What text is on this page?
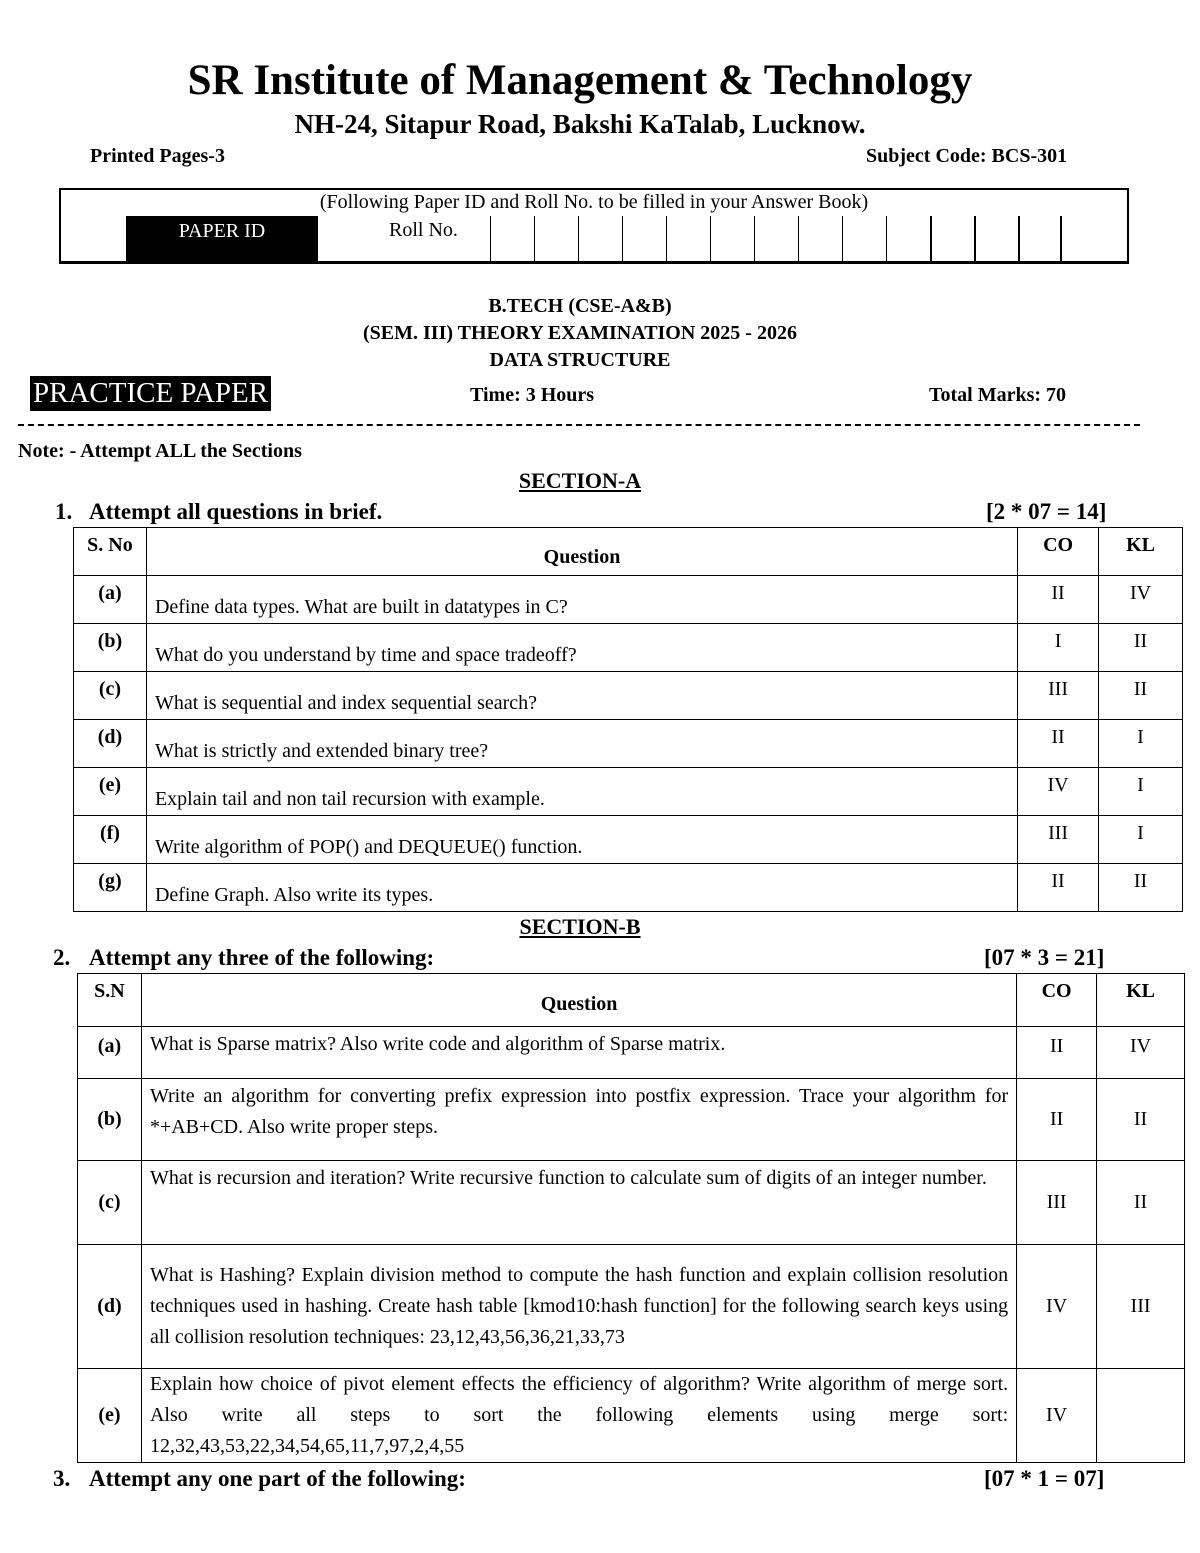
SR Institute of Management & Technology
NH-24, Sitapur Road, Bakshi KaTalab, Lucknow.
Printed Pages-3	Subject Code: BCS-301
(Following Paper ID and Roll No. to be filled in your Answer Book)
PAPER ID	Roll No.
B.TECH (CSE-A&B)
(SEM. III) THEORY EXAMINATION 2025 - 2026
DATA STRUCTURE
PRACTICE PAPER	Time: 3 Hours	Total Marks: 70
Note: - Attempt ALL the Sections
SECTION-A
1. Attempt all questions in brief.	[2 * 07 = 14]
S. No	Question	CO	KL
(a)	Define data types. What are built in datatypes in C?	II	IV
(b)	What do you understand by time and space tradeoff?	I	II
(c)	What is sequential and index sequential search?	III	II
(d)	What is strictly and extended binary tree?	II	I
(e)	Explain tail and non tail recursion with example.	IV	I
(f)	Write algorithm of POP() and DEQUEUE() function.	III	I
(g)	Define Graph. Also write its types.	II	II
SECTION-B
2. Attempt any three of the following:	[07 * 3 = 21]
S.N	Question	CO	KL
(a)	What is Sparse matrix? Also write code and algorithm of Sparse matrix.	II	IV
(b)	Write an algorithm for converting prefix expression into postfix expression. Trace your algorithm for *+AB+CD. Also write proper steps.	II	II
(c)	What is recursion and iteration? Write recursive function to calculate sum of digits of an integer number.	III	II
(d)	What is Hashing? Explain division method to compute the hash function and explain collision resolution techniques used in hashing. Create hash table [kmod10:hash function] for the following search keys using all collision resolution techniques: 23,12,43,56,36,21,33,73	IV	III
(e)	Explain how choice of pivot element effects the efficiency of algorithm? Write algorithm of merge sort. Also write all steps to sort the following elements using merge sort: 12,32,43,53,22,34,54,65,11,7,97,2,4,55	IV	
3. Attempt any one part of the following:	[07 * 1 = 07]
